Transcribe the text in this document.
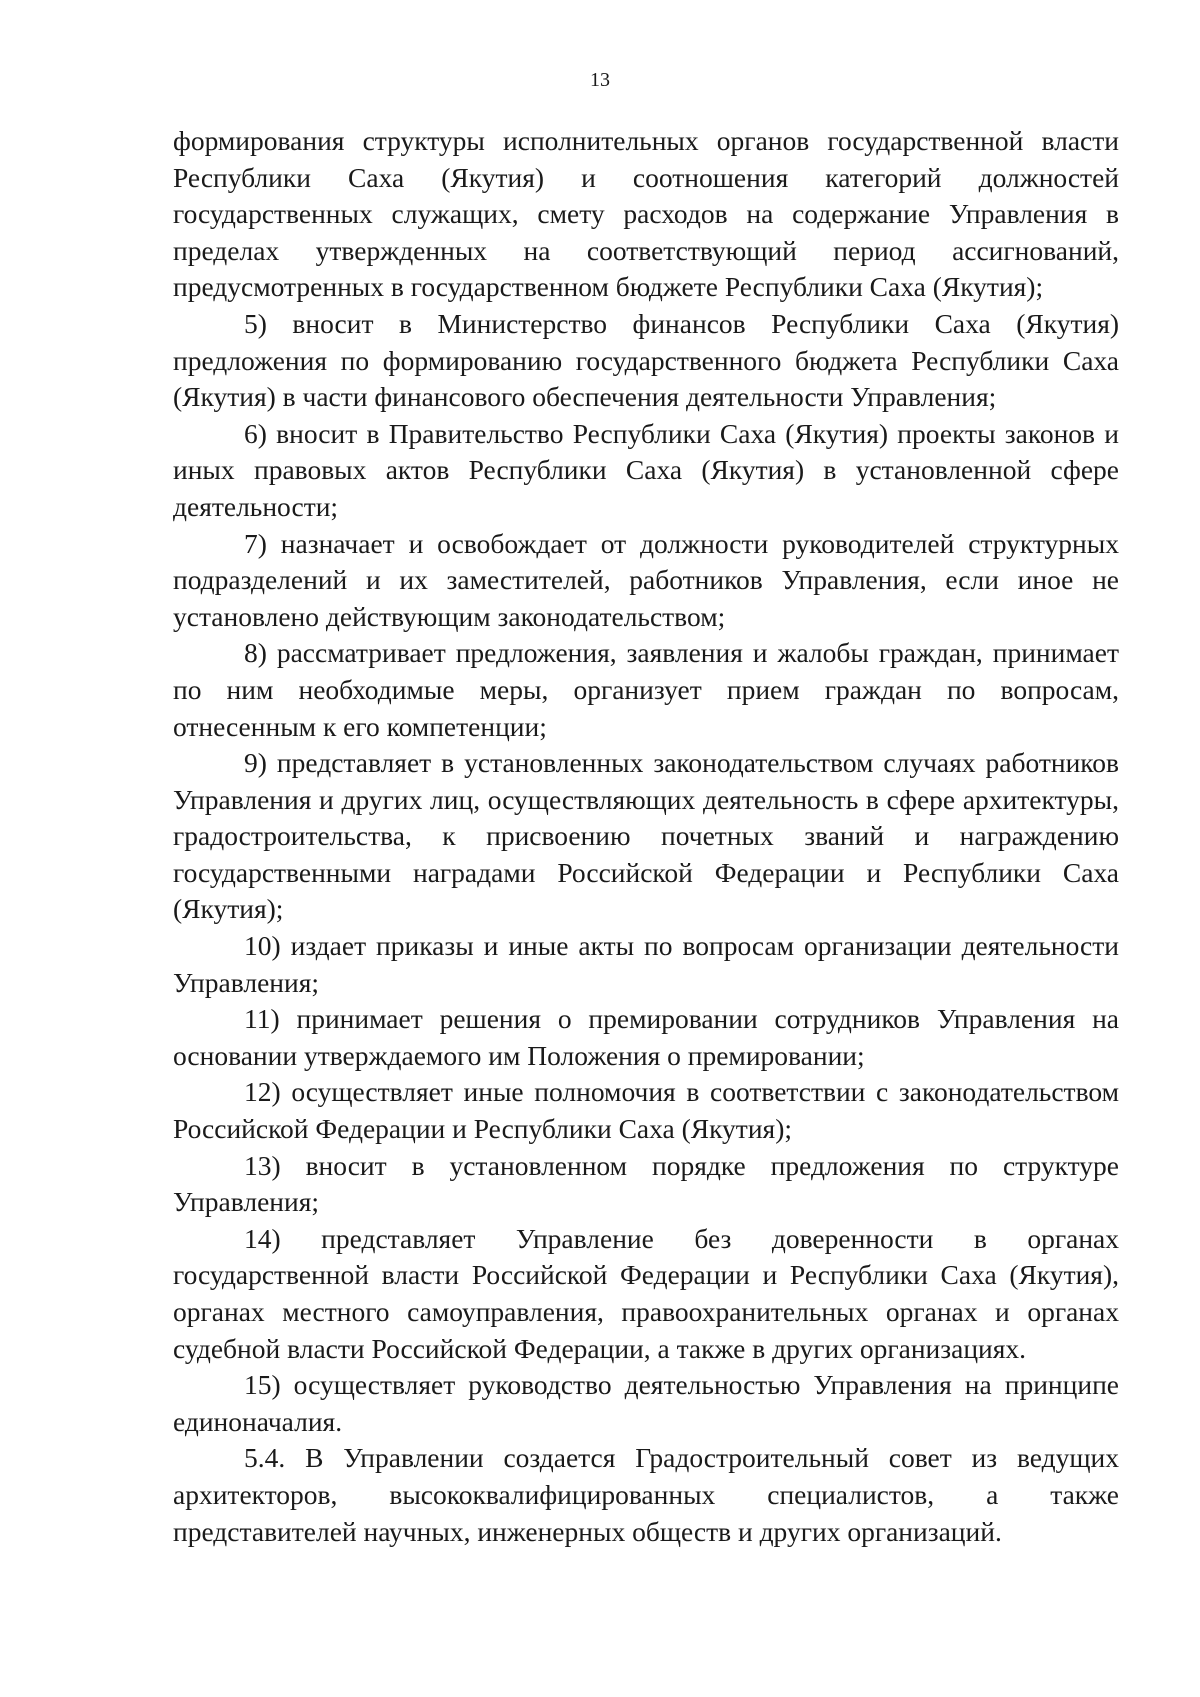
13

формирования структуры исполнительных органов государственной власти Республики Саха (Якутия) и соотношения категорий должностей государственных служащих, смету расходов на содержание Управления в пределах утвержденных на соответствующий период ассигнований, предусмотренных в государственном бюджете Республики Саха (Якутия);

5) вносит в Министерство финансов Республики Саха (Якутия) предложения по формированию государственного бюджета Республики Саха (Якутия) в части финансового обеспечения деятельности Управления;

6) вносит в Правительство Республики Саха (Якутия) проекты законов и иных правовых актов Республики Саха (Якутия) в установленной сфере деятельности;

7) назначает и освобождает от должности руководителей структурных подразделений и их заместителей, работников Управления, если иное не установлено действующим законодательством;

8) рассматривает предложения, заявления и жалобы граждан, принимает по ним необходимые меры, организует прием граждан по вопросам, отнесенным к его компетенции;

9) представляет в установленных законодательством случаях работников Управления и других лиц, осуществляющих деятельность в сфере архитектуры, градостроительства, к присвоению почетных званий и награждению государственными наградами Российской Федерации и Республики Саха (Якутия);

10) издает приказы и иные акты по вопросам организации деятельности Управления;

11) принимает решения о премировании сотрудников Управления на основании утверждаемого им Положения о премировании;

12) осуществляет иные полномочия в соответствии с законодательством Российской Федерации и Республики Саха (Якутия);

13) вносит в установленном порядке предложения по структуре Управления;

14) представляет Управление без доверенности в органах государственной власти Российской Федерации и Республики Саха (Якутия), органах местного самоуправления, правоохранительных органах и органах судебной власти Российской Федерации, а также в других организациях.

15) осуществляет руководство деятельностью Управления на принципе единоначалия.

5.4. В Управлении создается Градостроительный совет из ведущих архитекторов, высококвалифицированных специалистов, а также представителей научных, инженерных обществ и других организаций.
